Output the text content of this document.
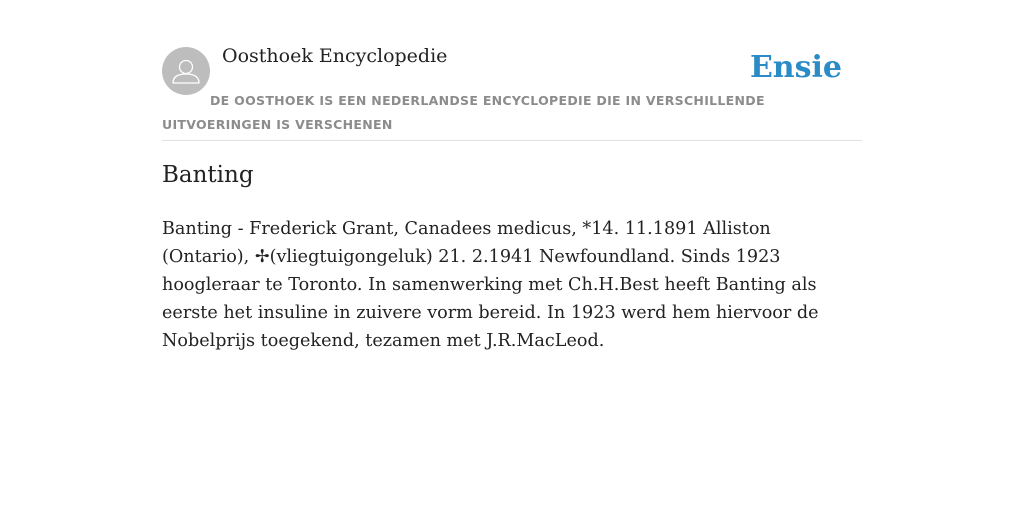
Oosthoek Encyclopedie	Ensie
DE OOSTHOEK IS EEN NEDERLANDSE ENCYCLOPEDIE DIE IN VERSCHILLENDE UITVOERINGEN IS VERSCHENEN
Banting

Banting - Frederick Grant, Canadees medicus, *14. 11.1891 Alliston (Ontario), ✢(vliegtuigongeluk) 21. 2.1941 Newfoundland. Sinds 1923 hoogleraar te Toronto. In samenwerking met Ch.H.Best heeft Banting als eerste het insuline in zuivere vorm bereid. In 1923 werd hem hiervoor de Nobelprijs toegekend, tezamen met J.R.MacLeod.
